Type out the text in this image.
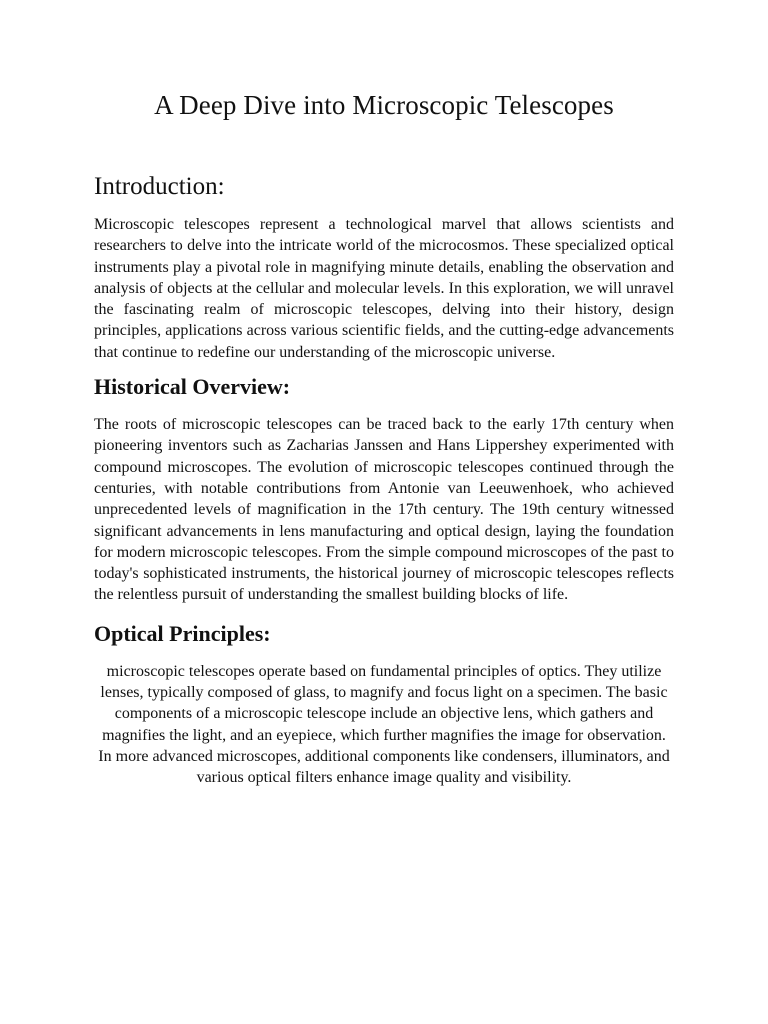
A Deep Dive into Microscopic Telescopes
Introduction:

Microscopic telescopes represent a technological marvel that allows scientists and researchers to delve into the intricate world of the microcosmos. These specialized optical instruments play a pivotal role in magnifying minute details, enabling the observation and analysis of objects at the cellular and molecular levels. In this exploration, we will unravel the fascinating realm of microscopic telescopes, delving into their history, design principles, applications across various scientific fields, and the cutting-edge advancements that continue to redefine our understanding of the microscopic universe.

Historical Overview:

The roots of microscopic telescopes can be traced back to the early 17th century when pioneering inventors such as Zacharias Janssen and Hans Lippershey experimented with compound microscopes. The evolution of microscopic telescopes continued through the centuries, with notable contributions from Antonie van Leeuwenhoek, who achieved unprecedented levels of magnification in the 17th century. The 19th century witnessed significant advancements in lens manufacturing and optical design, laying the foundation for modern microscopic telescopes. From the simple compound microscopes of the past to today's sophisticated instruments, the historical journey of microscopic telescopes reflects the relentless pursuit of understanding the smallest building blocks of life.

Optical Principles:

microscopic telescopes operate based on fundamental principles of optics. They utilize lenses, typically composed of glass, to magnify and focus light on a specimen. The basic components of a microscopic telescope include an objective lens, which gathers and magnifies the light, and an eyepiece, which further magnifies the image for observation. In more advanced microscopes, additional components like condensers, illuminators, and various optical filters enhance image quality and visibility.
